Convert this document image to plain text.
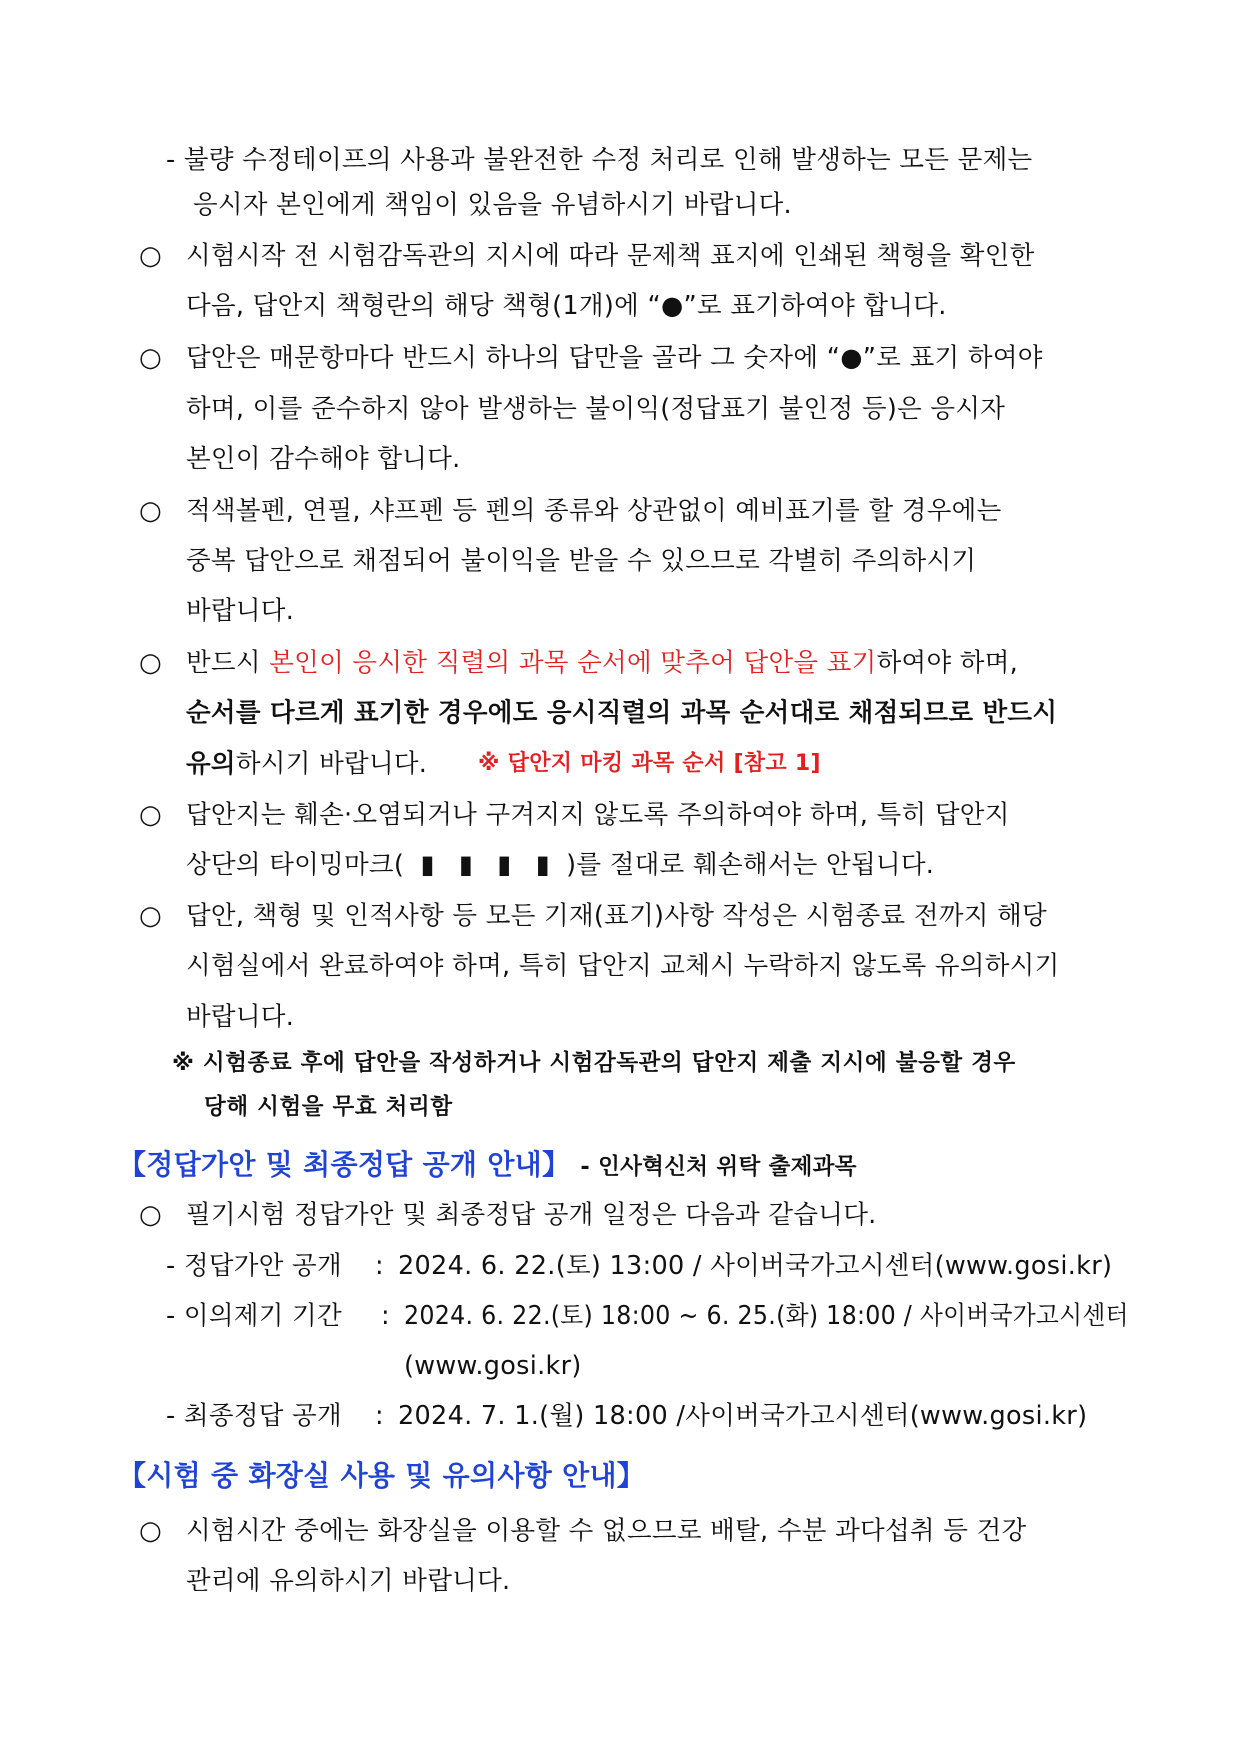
- 불량 수정테이프의 사용과 불완전한 수정 처리로 인해 발생하는 모든 문제는
응시자 본인에게 책임이 있음을 유념하시기 바랍니다.
○ 시험시작 전 시험감독관의 지시에 따라 문제책 표지에 인쇄된 책형을 확인한
다음, 답안지 책형란의 해당 책형(1개)에 “●”로 표기하여야 합니다.
○ 답안은 매문항마다 반드시 하나의 답만을 골라 그 숫자에 “●”로 표기 하여야
하며, 이를 준수하지 않아 발생하는 불이익(정답표기 불인정 등)은 응시자
본인이 감수해야 합니다.
○ 적색볼펜, 연필, 샤프펜 등 펜의 종류와 상관없이 예비표기를 할 경우에는
중복 답안으로 채점되어 불이익을 받을 수 있으므로 각별히 주의하시기
바랍니다.
○ 반드시 본인이 응시한 직렬의 과목 순서에 맞추어 답안을 표기하여야 하며,
순서를 다르게 표기한 경우에도 응시직렬의 과목 순서대로 채점되므로 반드시
유의하시기 바랍니다. ※ 답안지 마킹 과목 순서 [참고 1]
○ 답안지는 훼손·오염되거나 구겨지지 않도록 주의하여야 하며, 특히 답안지
상단의 타이밍마크( ▮ ▮ ▮ ▮ )를 절대로 훼손해서는 안됩니다.
○ 답안, 책형 및 인적사항 등 모든 기재(표기)사항 작성은 시험종료 전까지 해당
시험실에서 완료하여야 하며, 특히 답안지 교체시 누락하지 않도록 유의하시기
바랍니다.
※ 시험종료 후에 답안을 작성하거나 시험감독관의 답안지 제출 지시에 불응할 경우
당해 시험을 무효 처리함
【정답가안 및 최종정답 공개 안내】 - 인사혁신처 위탁 출제과목
○ 필기시험 정답가안 및 최종정답 공개 일정은 다음과 같습니다.
- 정답가안 공개 : 2024. 6. 22.(토) 13:00 / 사이버국가고시센터(www.gosi.kr)
- 이의제기 기간 : 2024. 6. 22.(토) 18:00 ~ 6. 25.(화) 18:00 / 사이버국가고시센터
(www.gosi.kr)
- 최종정답 공개 : 2024. 7. 1.(월) 18:00 /사이버국가고시센터(www.gosi.kr)
【시험 중 화장실 사용 및 유의사항 안내】
○ 시험시간 중에는 화장실을 이용할 수 없으므로 배탈, 수분 과다섭취 등 건강
관리에 유의하시기 바랍니다.
